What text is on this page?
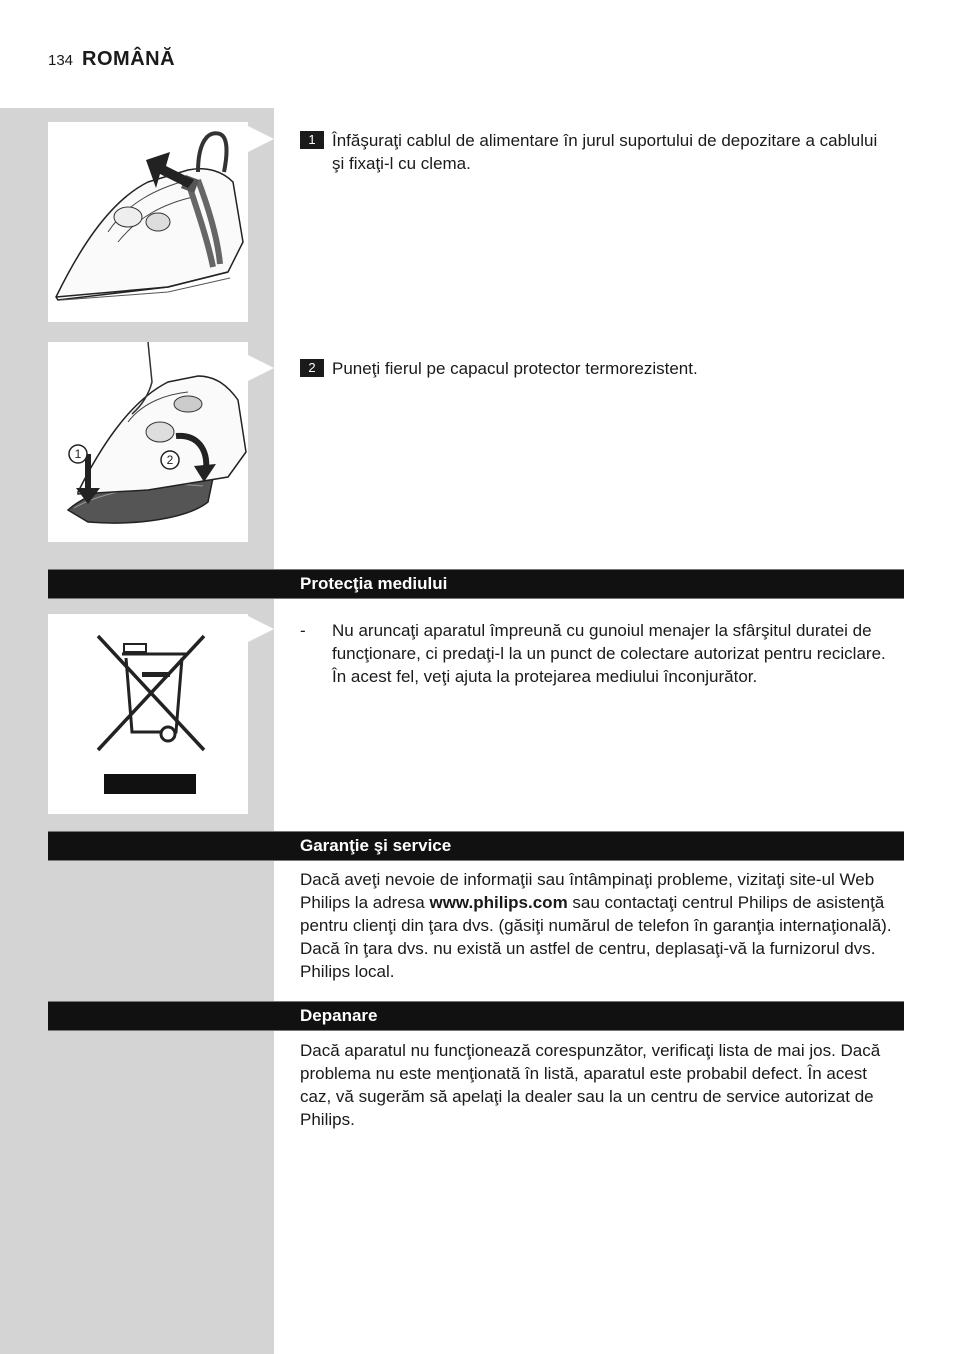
134 ROMÂNĂ
1 Înfăşuraţi cablul de alimentare în jurul suportului de depozitare a cablului şi fixaţi-l cu clema.
1	2
2 Puneţi fierul pe capacul protector termorezistent.
Protecţia mediului
- Nu aruncaţi aparatul împreună cu gunoiul menajer la sfârşitul duratei de funcţionare, ci predaţi-l la un punct de colectare autorizat pentru reciclare. În acest fel, veţi ajuta la protejarea mediului înconjurător.
Garanţie şi service
Dacă aveţi nevoie de informaţii sau întâmpinaţi probleme, vizitaţi site-ul Web Philips la adresa www.philips.com sau contactaţi centrul Philips de asistenţă pentru clienţi din ţara dvs. (găsiţi numărul de telefon în garanţia internaţională). Dacă în ţara dvs. nu există un astfel de centru, deplasaţi-vă la furnizorul dvs. Philips local.
Depanare
Dacă aparatul nu funcţionează corespunzător, verificaţi lista de mai jos. Dacă problema nu este menţionată în listă, aparatul este probabil defect. În acest caz, vă sugerăm să apelaţi la dealer sau la un centru de service autorizat de Philips.
